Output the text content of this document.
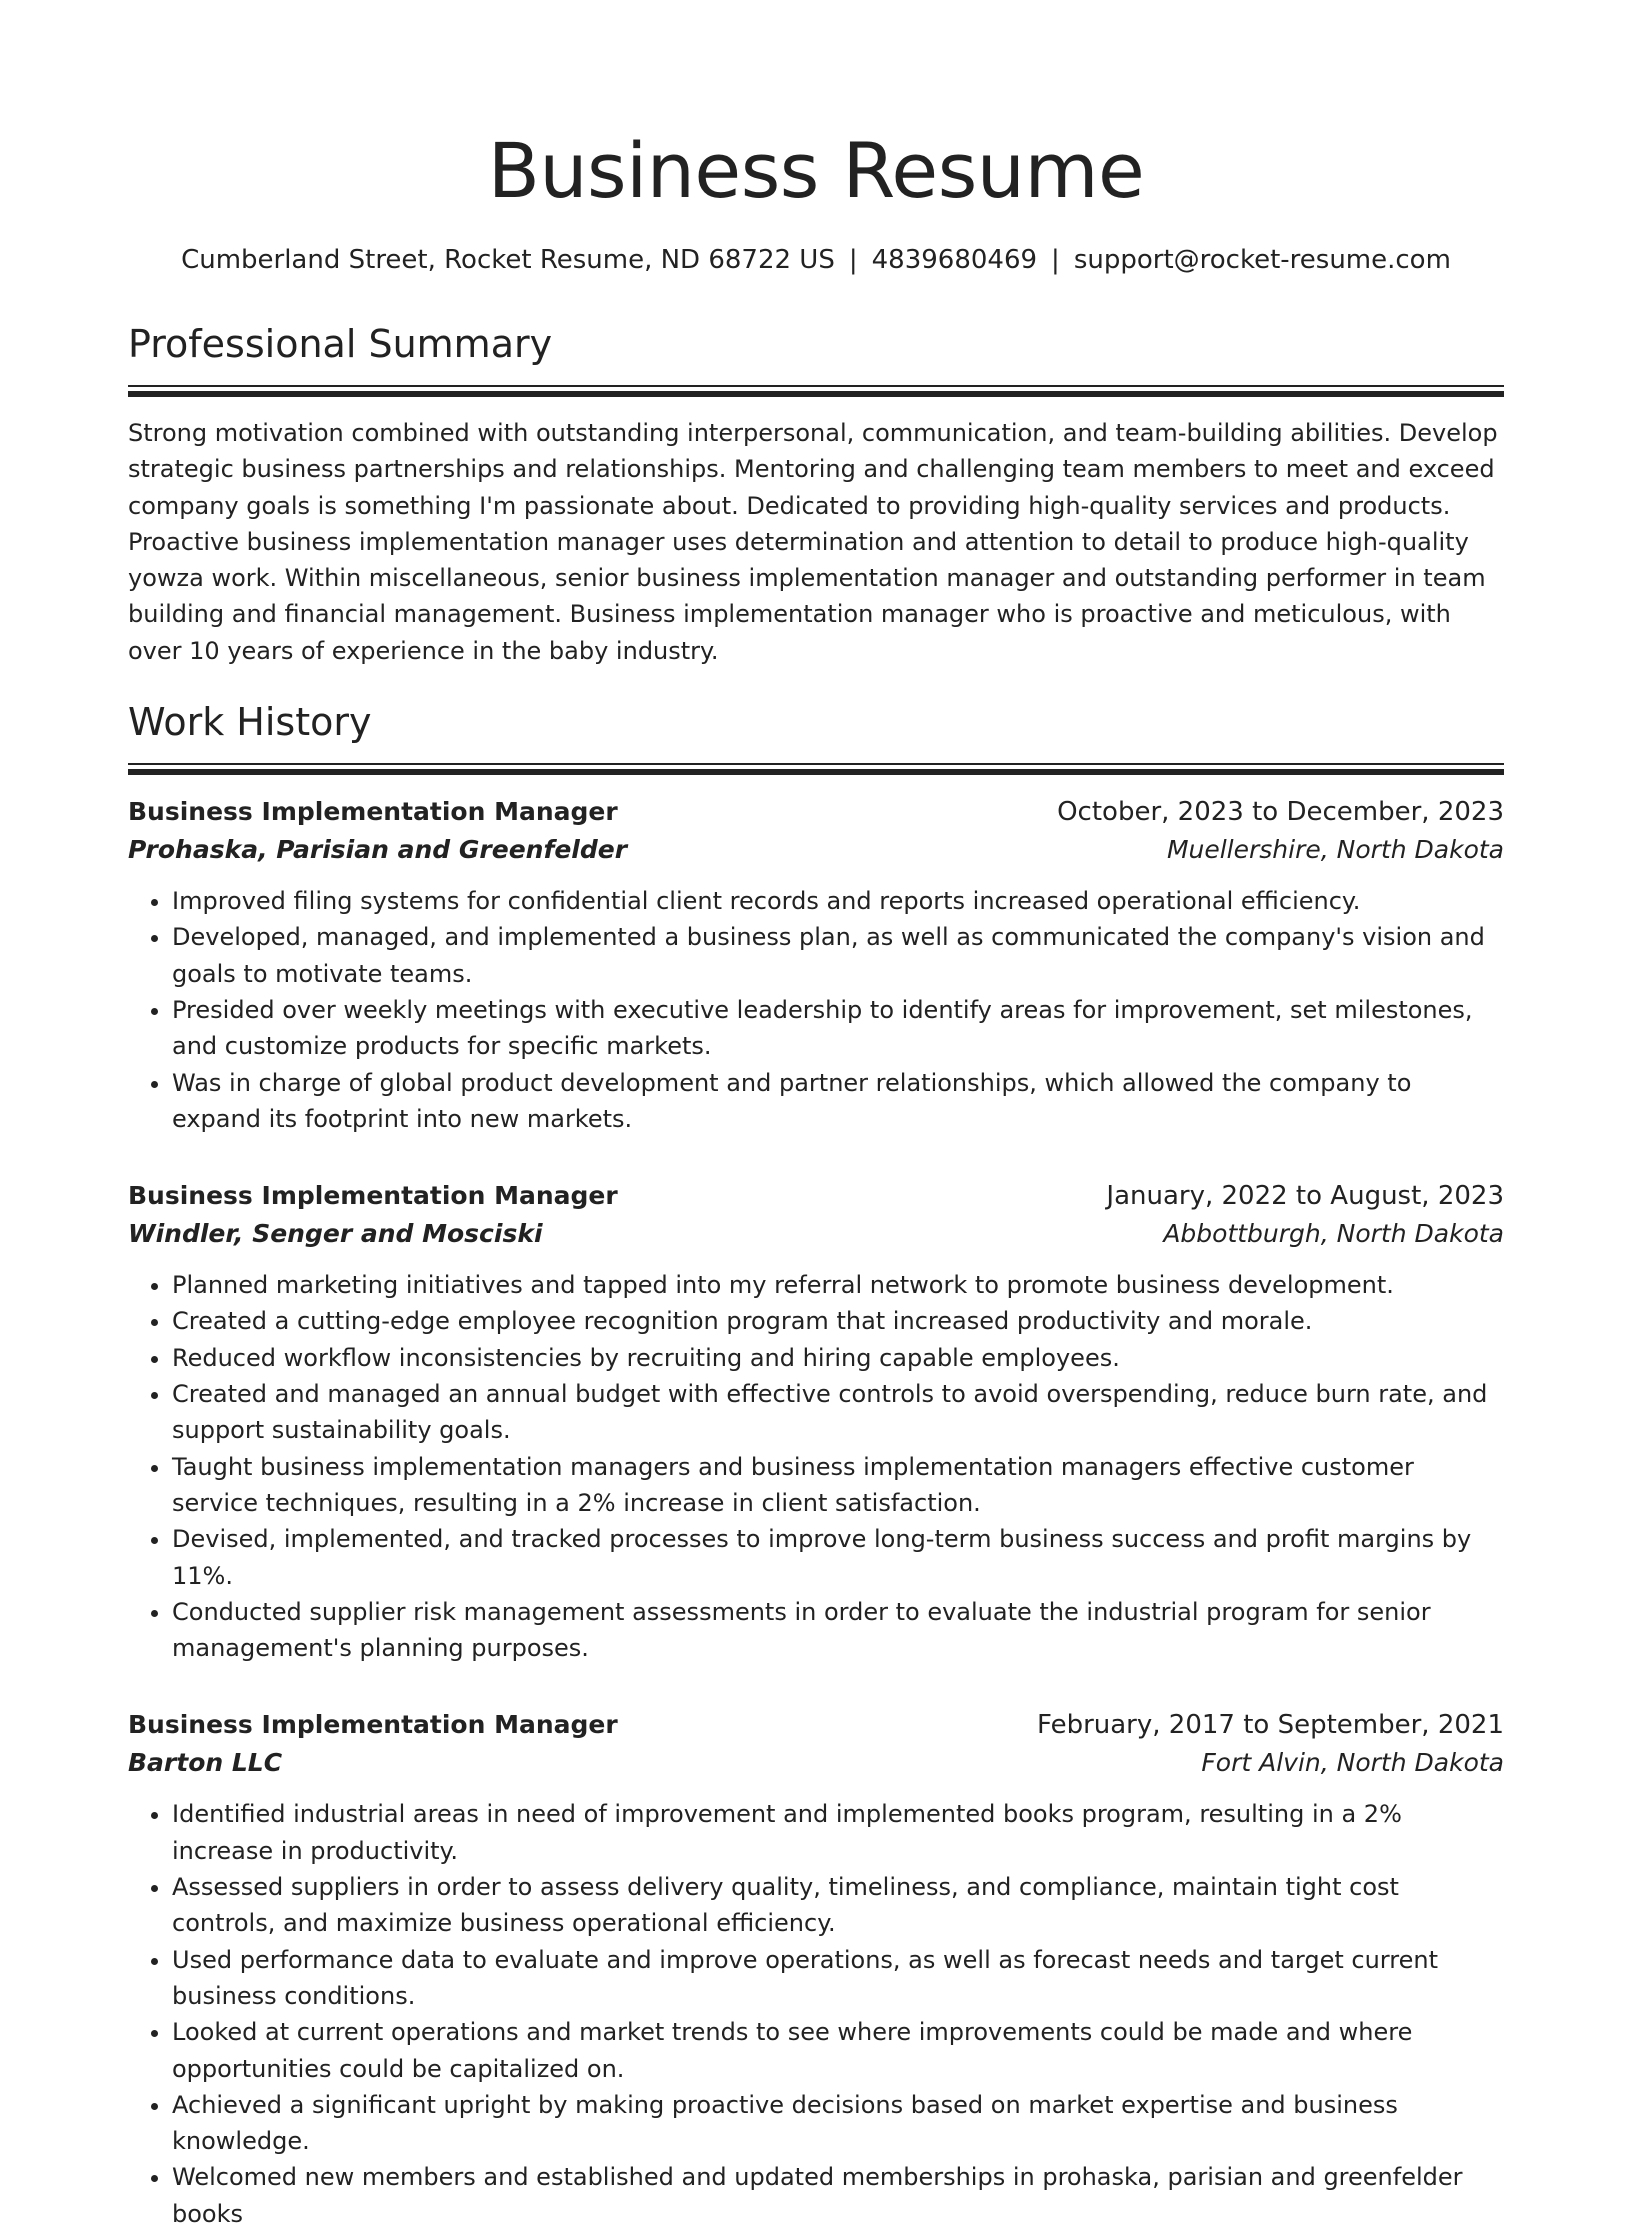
Business Resume
Cumberland Street, Rocket Resume, ND 68722 US | 4839680469 | support@rocket-resume.com
Professional Summary

Strong motivation combined with outstanding interpersonal, communication, and team-building abilities. Develop strategic business partnerships and relationships. Mentoring and challenging team members to meet and exceed company goals is something I'm passionate about. Dedicated to providing high-quality services and products. Proactive business implementation manager uses determination and attention to detail to produce high-quality yowza work. Within miscellaneous, senior business implementation manager and outstanding performer in team building and financial management. Business implementation manager who is proactive and meticulous, with over 10 years of experience in the baby industry.

Work History
Business Implementation Manager	October, 2023 to December, 2023
Prohaska, Parisian and Greenfelder	Muellershire, North Dakota
• Improved filing systems for confidential client records and reports increased operational efficiency.
• Developed, managed, and implemented a business plan, as well as communicated the company's vision and goals to motivate teams.
• Presided over weekly meetings with executive leadership to identify areas for improvement, set milestones, and customize products for specific markets.
• Was in charge of global product development and partner relationships, which allowed the company to expand its footprint into new markets.
Business Implementation Manager	January, 2022 to August, 2023
Windler, Senger and Mosciski	Abbottburgh, North Dakota
• Planned marketing initiatives and tapped into my referral network to promote business development.
• Created a cutting-edge employee recognition program that increased productivity and morale.
• Reduced workflow inconsistencies by recruiting and hiring capable employees.
• Created and managed an annual budget with effective controls to avoid overspending, reduce burn rate, and support sustainability goals.
• Taught business implementation managers and business implementation managers effective customer service techniques, resulting in a 2% increase in client satisfaction.
• Devised, implemented, and tracked processes to improve long-term business success and profit margins by 11%.
• Conducted supplier risk management assessments in order to evaluate the industrial program for senior management's planning purposes.
Business Implementation Manager	February, 2017 to September, 2021
Barton LLC	Fort Alvin, North Dakota
• Identified industrial areas in need of improvement and implemented books program, resulting in a 2% increase in productivity.
• Assessed suppliers in order to assess delivery quality, timeliness, and compliance, maintain tight cost controls, and maximize business operational efficiency.
• Used performance data to evaluate and improve operations, as well as forecast needs and target current business conditions.
• Looked at current operations and market trends to see where improvements could be made and where opportunities could be capitalized on.
• Achieved a significant upright by making proactive decisions based on market expertise and business knowledge.
• Welcomed new members and established and updated memberships in prohaska, parisian and greenfelder books
